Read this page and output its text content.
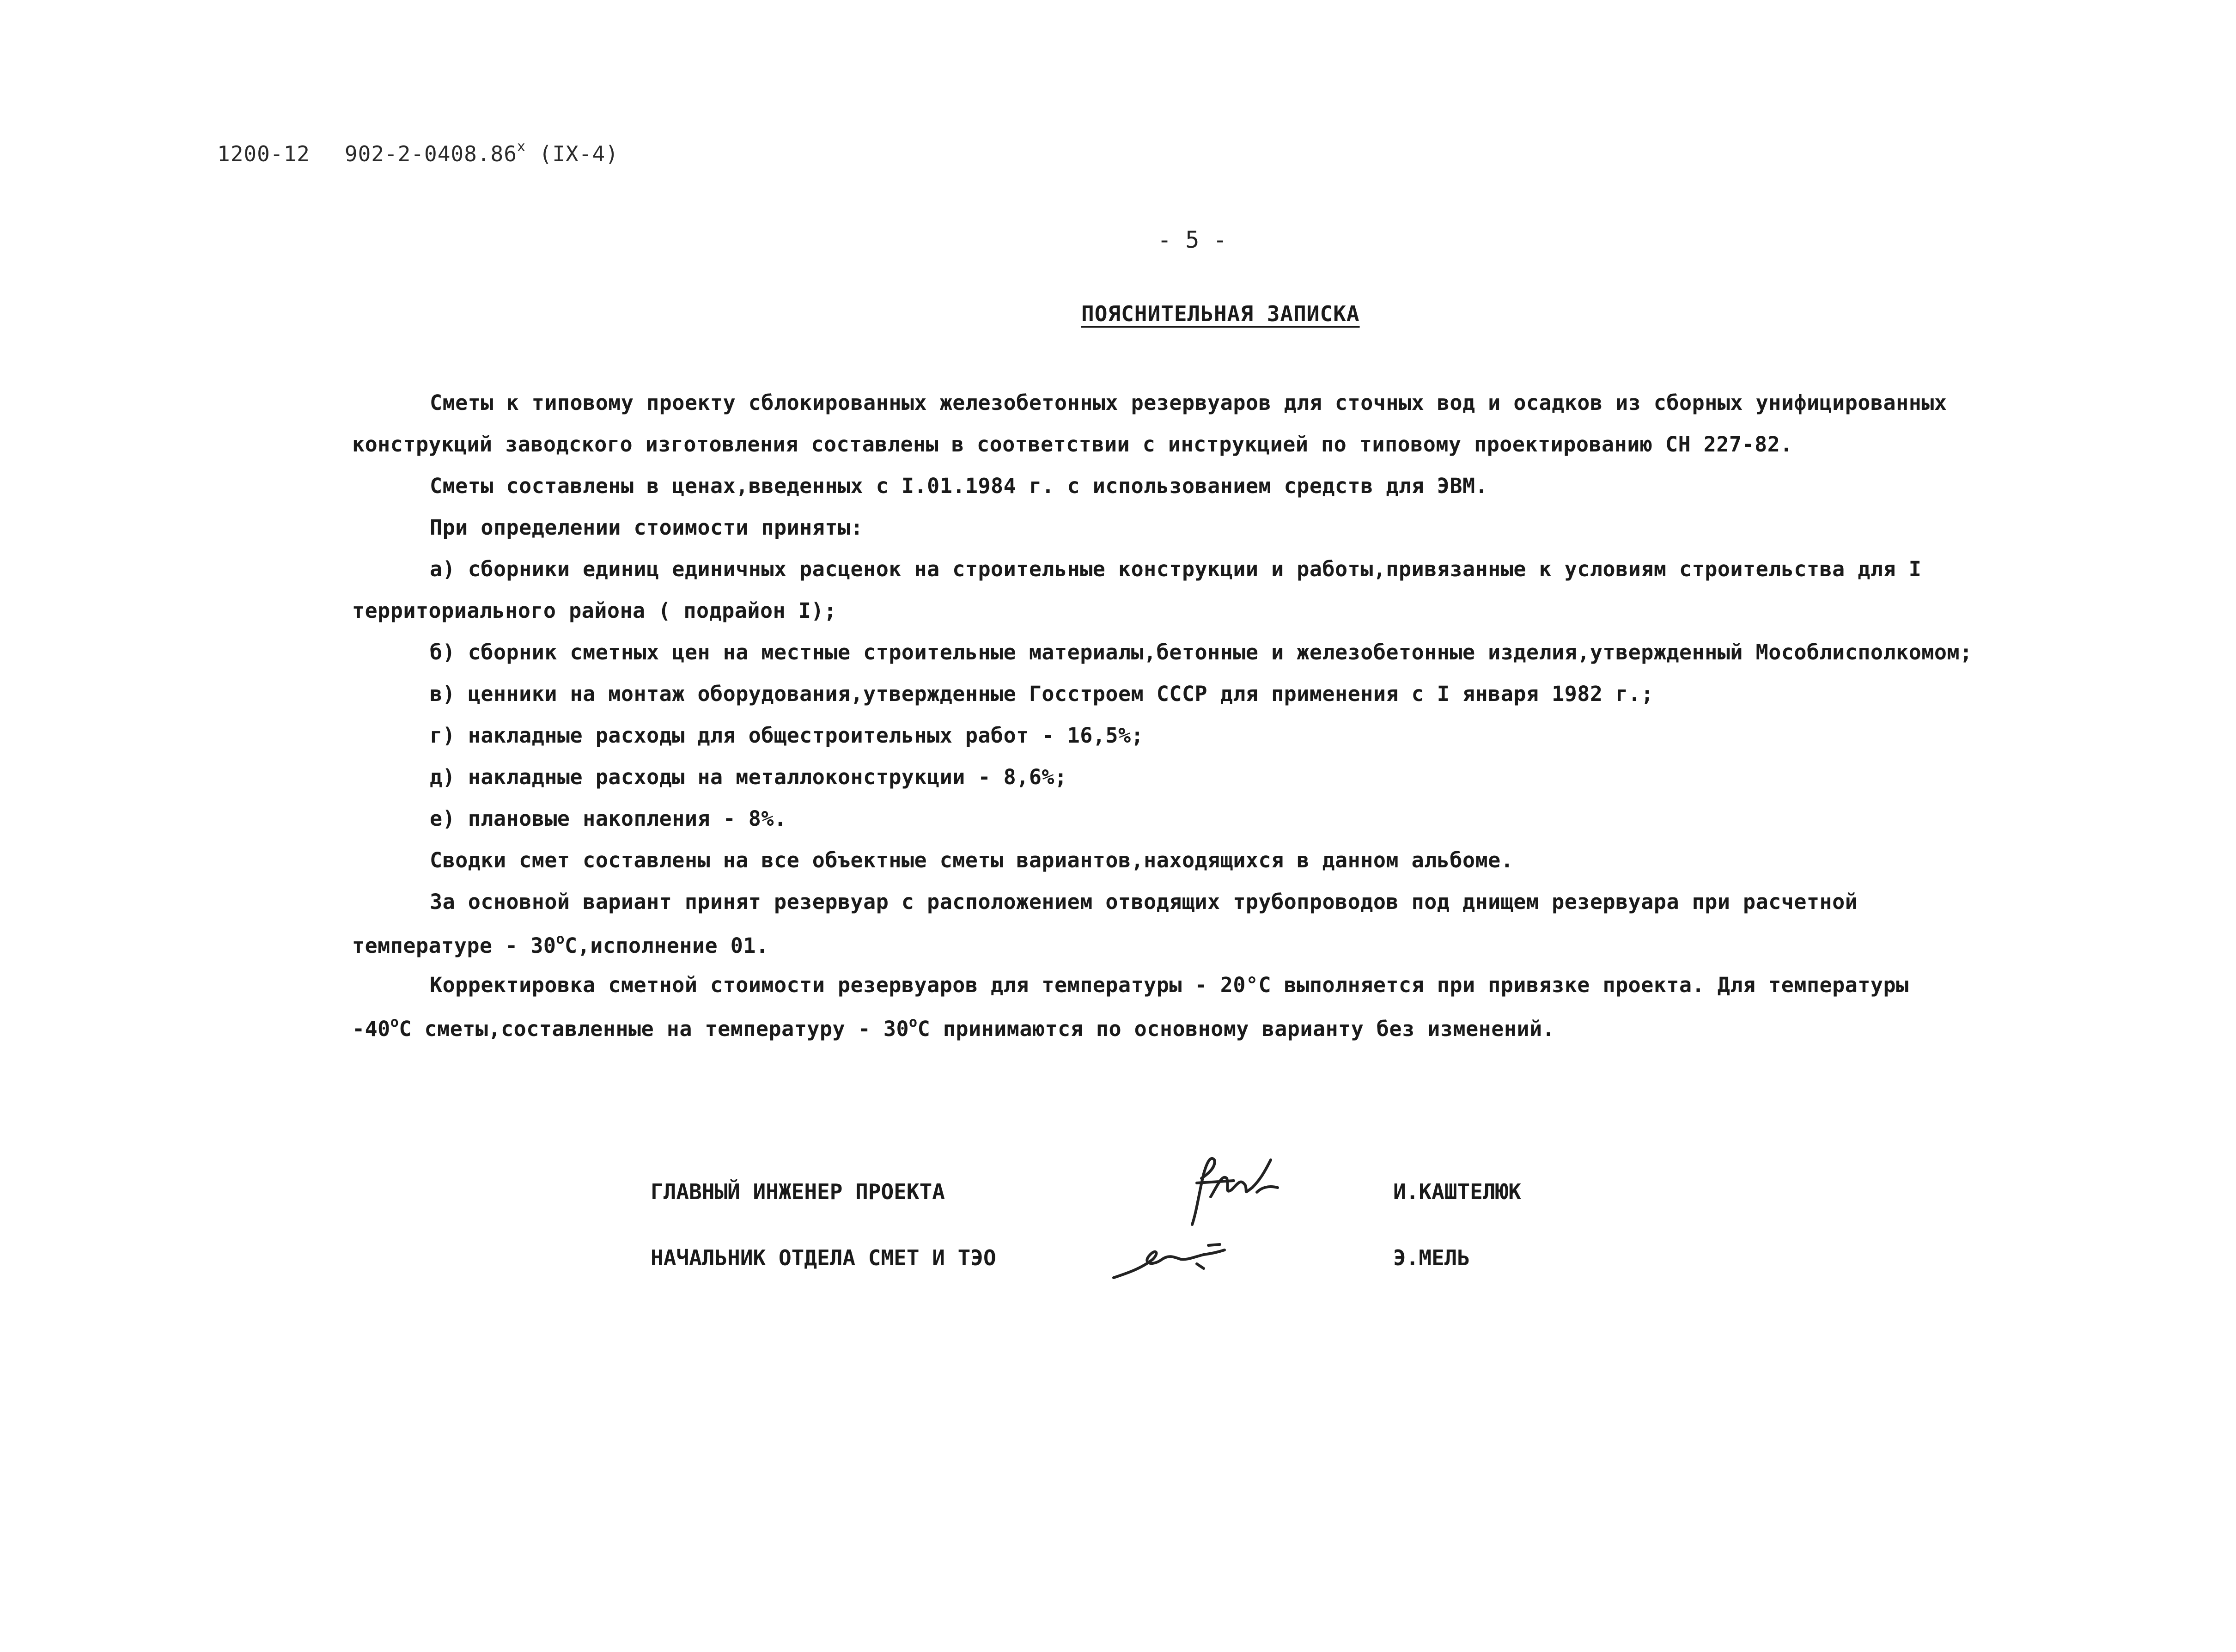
1200-12 902-2-0408.86$^x$ (IX-4)
- 5 -
ПОЯСНИТЕЛЬНАЯ ЗАПИСКА
Сметы к типовому проекту сблокированных железобетонных резервуаров для сточных вод и осадков из сборных унифицированных
конструкций заводского изготовления составлены в соответствии с инструкцией по типовому проектированию СН 227-82.
Сметы составлены в ценах,введенных с I.01.1984 г. с использованием средств для ЭВМ.
При определении стоимости приняты:
а) сборники единиц единичных расценок на строительные конструкции и работы,привязанные к условиям строительства для I
территориального района ( подрайон I);
б) сборник сметных цен на местные строительные материалы,бетонные и железобетонные изделия,утвержденный Мособлисполкомом;
в) ценники на монтаж оборудования,утвержденные Госстроем СССР для применения с I января 1982 г.;
г) накладные расходы для общестроительных работ - 16,5%;
д) накладные расходы на металлоконструкции - 8,6%;
е) плановые накопления - 8%.
Сводки смет составлены на все объектные сметы вариантов,находящихся в данном альбоме.
За основной вариант принят резервуар с расположением отводящих трубопроводов под днищем резервуара при расчетной
температуре - $30^оС,исполнение$ 01.
Корректировка сметной стоимости резервуаров для температуры - 20°С выполняется при привязке проекта. Для температуры
$-40^оС$ сметы,составленные на температуру - $30^оС$ принимаются по основному варианту без изменений.
ГЛАВНЫЙ ИНЖЕНЕР ПРОЕКТА	И.КАШТЕЛЮК
НАЧАЛЬНИК ОТДЕЛА СМЕТ И ТЭО	Э.МЕЛЬ
